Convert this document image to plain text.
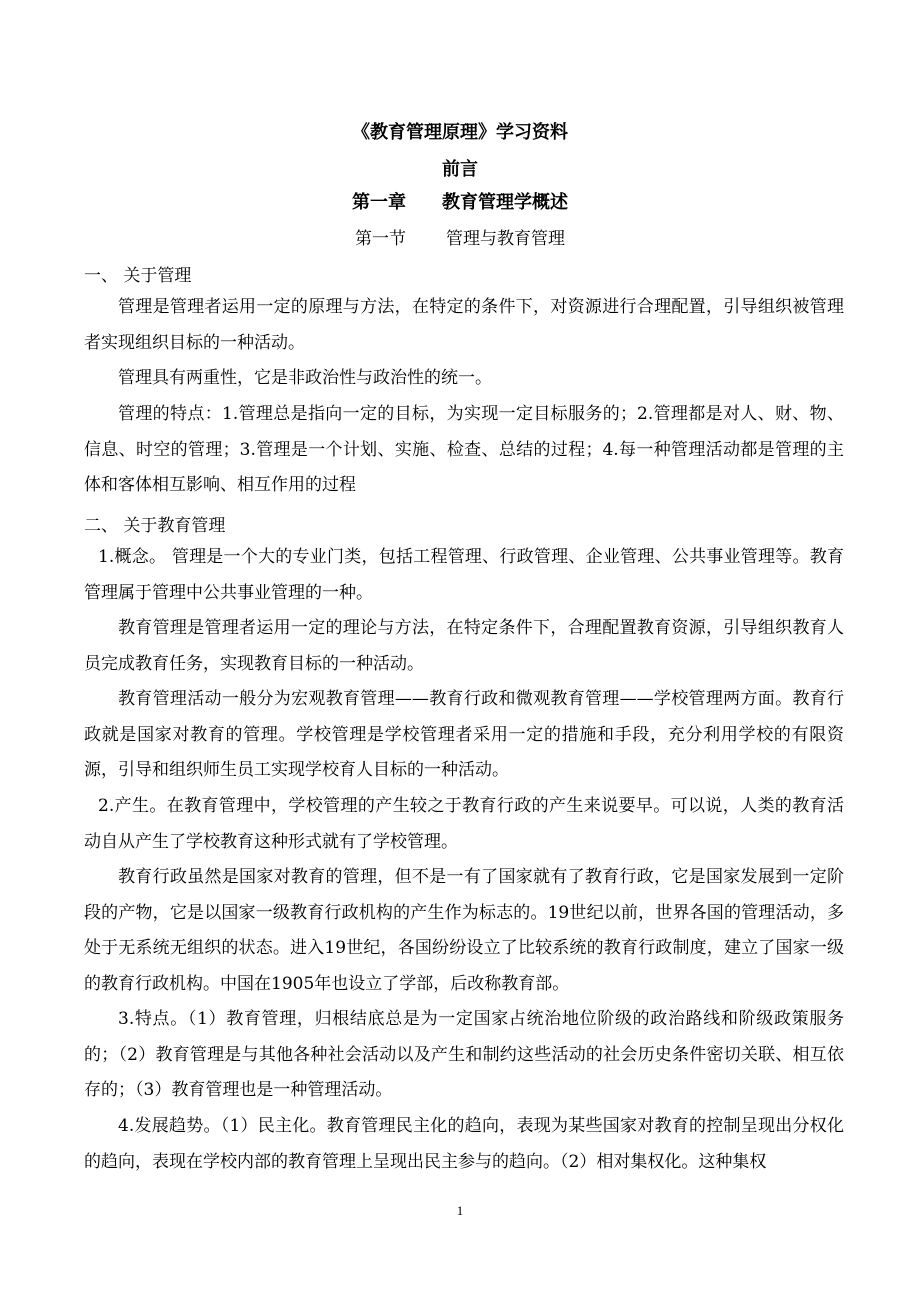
《教育管理原理》学习资料
前言
第一章 教育管理学概述
第一节 管理与教育管理
一、 关于管理
管理是管理者运用一定的原理与方法，在特定的条件下，对资源进行合理配置，引导组织被管理者实现组织目标的一种活动。
管理具有两重性，它是非政治性与政治性的统一。
管理的特点：1.管理总是指向一定的目标，为实现一定目标服务的；2.管理都是对人、财、物、信息、时空的管理；3.管理是一个计划、实施、检查、总结的过程；4.每一种管理活动都是管理的主体和客体相互影响、相互作用的过程
二、 关于教育管理
1.概念。 管理是一个大的专业门类，包括工程管理、行政管理、企业管理、公共事业管理等。教育管理属于管理中公共事业管理的一种。
教育管理是管理者运用一定的理论与方法，在特定条件下，合理配置教育资源，引导组织教育人员完成教育任务，实现教育目标的一种活动。
教育管理活动一般分为宏观教育管理——教育行政和微观教育管理——学校管理两方面。教育行政就是国家对教育的管理。学校管理是学校管理者采用一定的措施和手段，充分利用学校的有限资源，引导和组织师生员工实现学校育人目标的一种活动。
2.产生。在教育管理中，学校管理的产生较之于教育行政的产生来说要早。可以说，人类的教育活动自从产生了学校教育这种形式就有了学校管理。
教育行政虽然是国家对教育的管理，但不是一有了国家就有了教育行政，它是国家发展到一定阶段的产物，它是以国家一级教育行政机构的产生作为标志的。19世纪以前，世界各国的管理活动，多处于无系统无组织的状态。进入19世纪，各国纷纷设立了比较系统的教育行政制度，建立了国家一级的教育行政机构。中国在1905年也设立了学部，后改称教育部。
3.特点。（1）教育管理，归根结底总是为一定国家占统治地位阶级的政治路线和阶级政策服务的；（2）教育管理是与其他各种社会活动以及产生和制约这些活动的社会历史条件密切关联、相互依存的；（3）教育管理也是一种管理活动。
4.发展趋势。（1）民主化。教育管理民主化的趋向，表现为某些国家对教育的控制呈现出分权化的趋向，表现在学校内部的教育管理上呈现出民主参与的趋向。（2）相对集权化。这种集权
1
